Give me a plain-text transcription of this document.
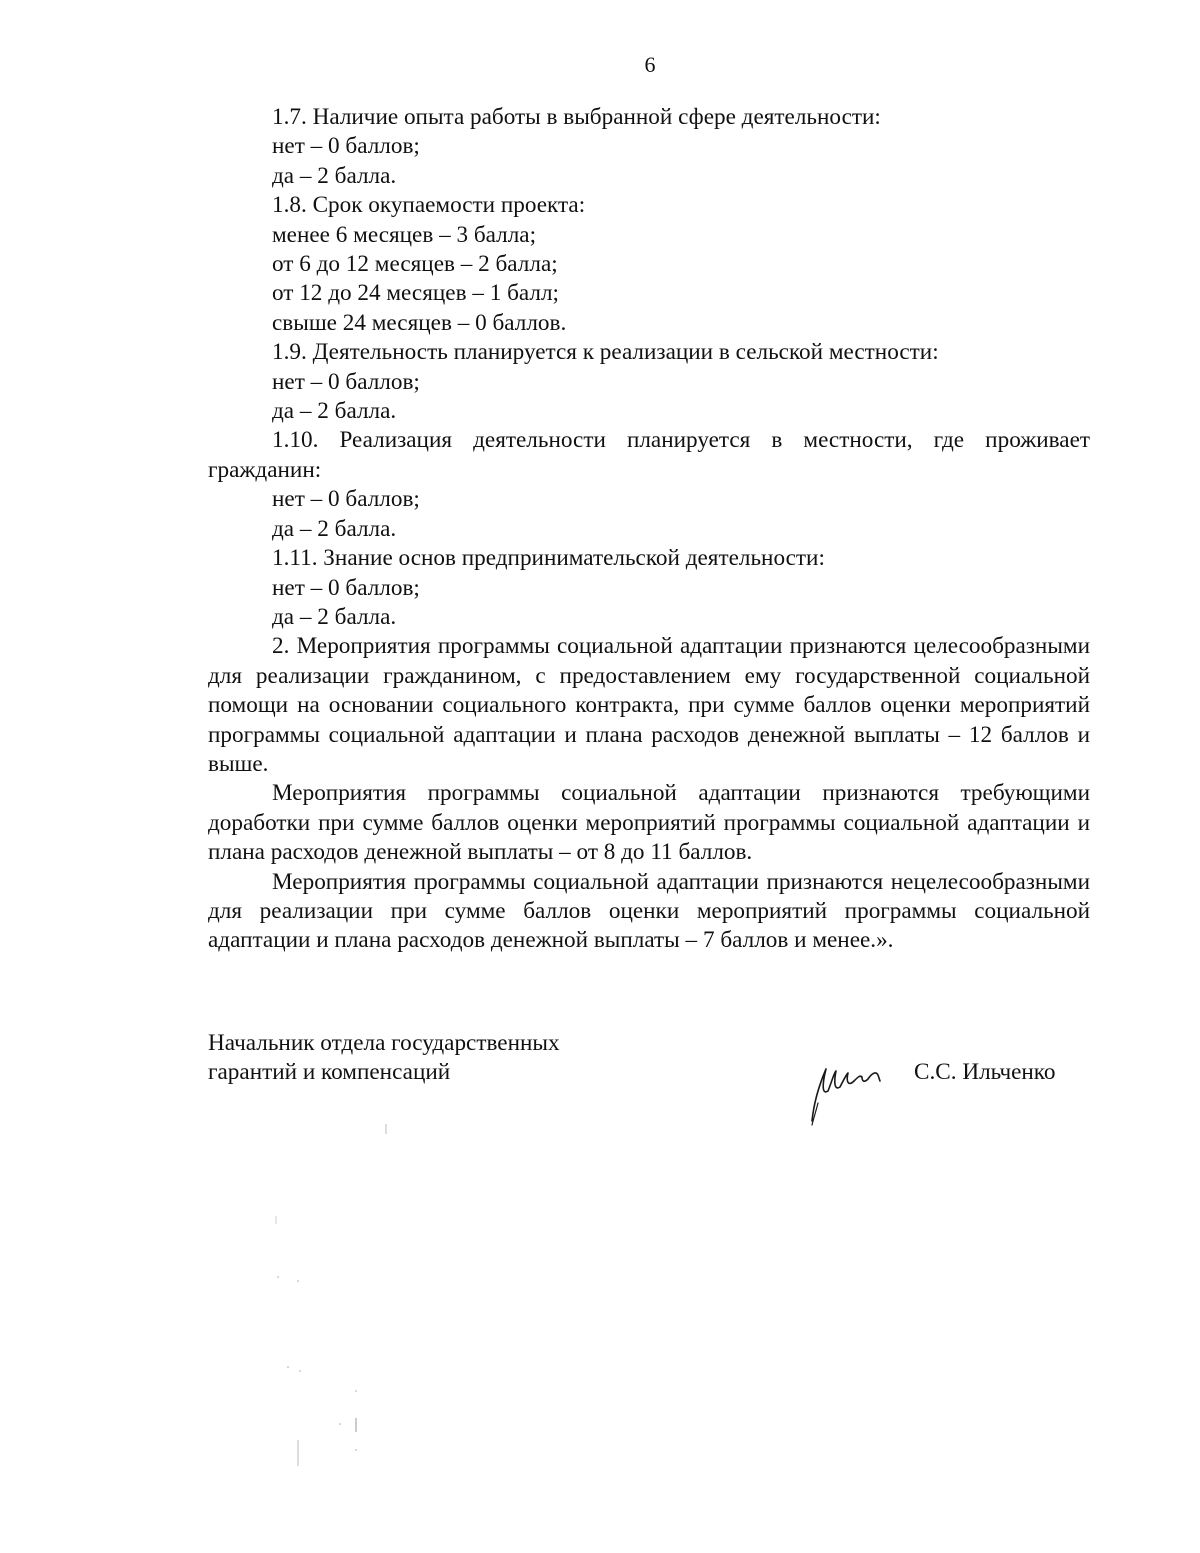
6

1.7. Наличие опыта работы в выбранной сфере деятельности:

нет – 0 баллов;

да – 2 балла.

1.8. Срок окупаемости проекта:

менее 6 месяцев – 3 балла;

от 6 до 12 месяцев – 2 балла;

от 12 до 24 месяцев – 1 балл;

свыше 24 месяцев – 0 баллов.

1.9. Деятельность планируется к реализации в сельской местности:

нет – 0 баллов;

да – 2 балла.

1.10. Реализация деятельности планируется в местности, где проживает гражданин:

нет – 0 баллов;

да – 2 балла.

1.11. Знание основ предпринимательской деятельности:

нет – 0 баллов;

да – 2 балла.

2. Мероприятия программы социальной адаптации признаются целесообразными для реализации гражданином, с предоставлением ему государственной социальной помощи на основании социального контракта, при сумме баллов оценки мероприятий программы социальной адаптации и плана расходов денежной выплаты – 12 баллов и выше.

Мероприятия программы социальной адаптации признаются требующими доработки при сумме баллов оценки мероприятий программы социальной адаптации и плана расходов денежной выплаты – от 8 до 11 баллов.

Мероприятия программы социальной адаптации признаются нецелесообразными для реализации при сумме баллов оценки мероприятий программы социальной адаптации и плана расходов денежной выплаты – 7 баллов и менее.».

Начальник отдела государственных

гарантий и компенсаций	С.С. Ильченко
